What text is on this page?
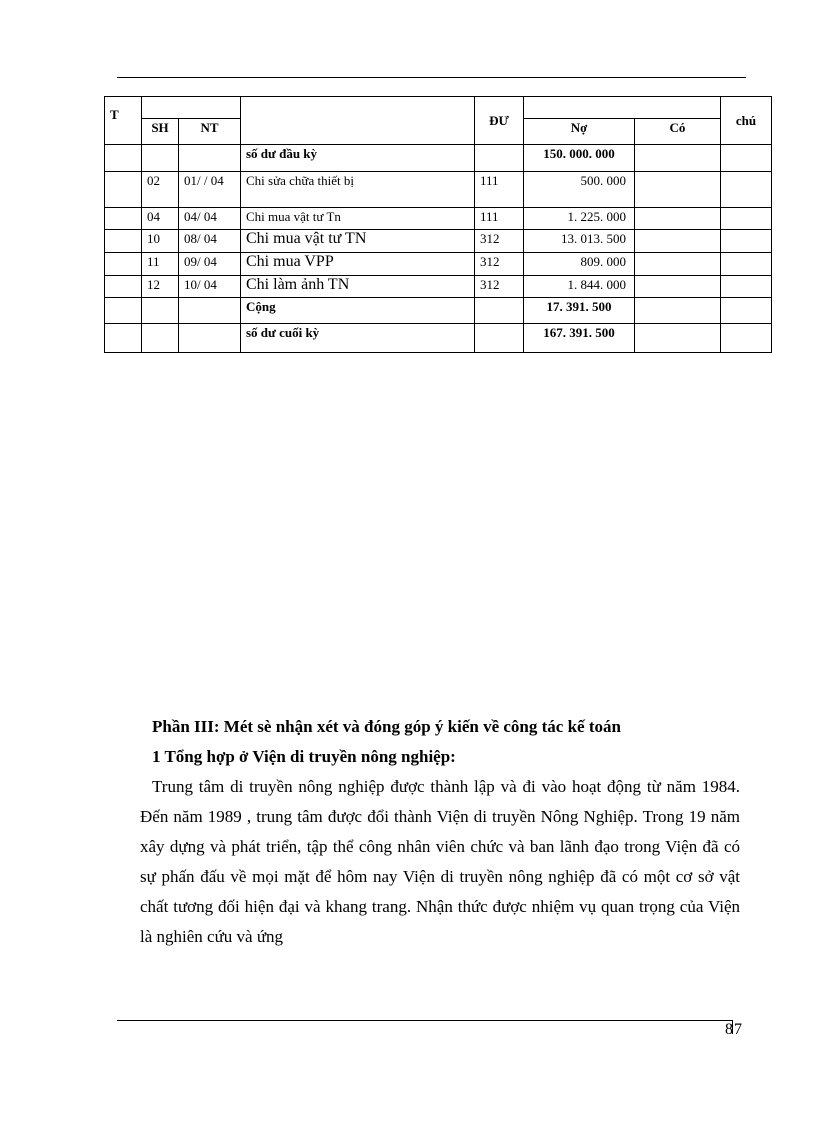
T				ĐƯ			chú
	SH	NT			Nợ	Có	
			số dư đầu kỳ		150. 000. 000		
	02	01/ / 04	Chi sửa chữa thiết bị	111	500. 000		
	04	04/ 04	Chi mua vật tư Tn	111	1. 225. 000		
	10	08/ 04	Chi mua vật tư TN	312	13. 013. 500		
	11	09/ 04	Chi mua VPP	312	809. 000		
	12	10/ 04	Chi làm ảnh TN	312	1. 844. 000		
			Cộng		17. 391. 500		
			số dư cuối kỳ		167. 391. 500		
Phần III: Mét sè nhận xét và đóng góp ý kiến về công tác kế toán
1 Tổng hợp ở Viện di truyền nông nghiệp:

Trung tâm di truyền nông nghiệp được thành lập và đi vào hoạt động từ năm 1984. Đến năm 1989 , trung tâm được đổi thành Viện di truyền Nông Nghiệp. Trong 19 năm xây dựng và phát triển, tập thể công nhân viên chức và ban lãnh đạo trong Viện đã có sự phấn đấu về mọi mặt để hôm nay Viện di truyền nông nghiệp đã có một cơ sở vật chất tương đối hiện đại và khang trang. Nhận thức được nhiệm vụ quan trọng của Viện là nghiên cứu và ứng

87
